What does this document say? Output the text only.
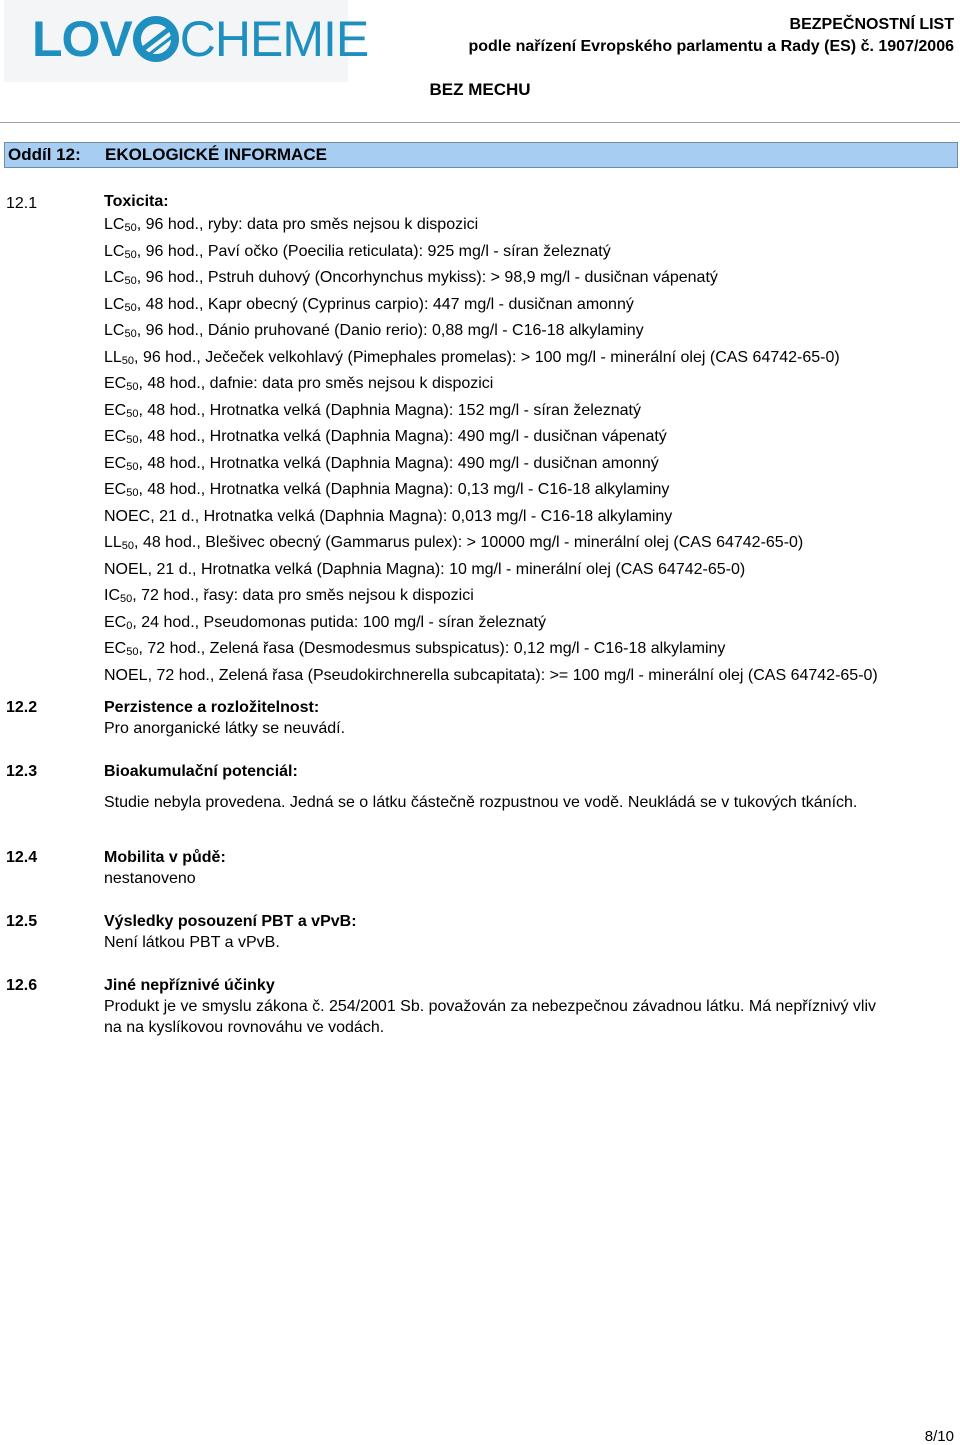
LOV CHEMIE	BEZPEČNOSTNÍ LIST
podle nařízení Evropského parlamentu a Rady (ES) č. 1907/2006
BEZ MECHU
Oddíl 12: EKOLOGICKÉ INFORMACE
12.1	Toxicita:
$LC_{50}$, 96 hod., ryby: data pro směs nejsou k dispozici
$LC_{50}$, 96 hod., Paví očko (Poecilia reticulata): 925 mg/l - síran železnatý
$LC_{50}$, 96 hod., Pstruh duhový (Oncorhynchus mykiss): > 98,9 mg/l - dusičnan vápenatý
$LC_{50}$, 48 hod., Kapr obecný (Cyprinus carpio): 447 mg/l - dusičnan amonný
$LC_{50}$, 96 hod., Dánio pruhované (Danio rerio): 0,88 mg/l - C16-18 alkylaminy
$LL_{50}$, 96 hod., Ječeček velkohlavý (Pimephales promelas): > 100 mg/l - minerální olej (CAS 64742-65-0)
$EC_{50}$, 48 hod., dafnie: data pro směs nejsou k dispozici
$EC_{50}$, 48 hod., Hrotnatka velká (Daphnia Magna): 152 mg/l - síran železnatý
$EC_{50}$, 48 hod., Hrotnatka velká (Daphnia Magna): 490 mg/l - dusičnan vápenatý
$EC_{50}$, 48 hod., Hrotnatka velká (Daphnia Magna): 490 mg/l - dusičnan amonný
$EC_{50}$, 48 hod., Hrotnatka velká (Daphnia Magna): 0,13 mg/l - C16-18 alkylaminy
NOEC, 21 d., Hrotnatka velká (Daphnia Magna): 0,013 mg/l - C16-18 alkylaminy
$LL_{50}$, 48 hod., Blešivec obecný (Gammarus pulex): > 10000 mg/l - minerální olej (CAS 64742-65-0)
NOEL, 21 d., Hrotnatka velká (Daphnia Magna): 10 mg/l - minerální olej (CAS 64742-65-0)
$IC_{50}$, 72 hod., řasy: data pro směs nejsou k dispozici
$EC_0$, 24 hod., Pseudomonas putida: 100 mg/l - síran železnatý
$EC_{50}$, 72 hod., Zelená řasa (Desmodesmus subspicatus): 0,12 mg/l - C16-18 alkylaminy
NOEL, 72 hod., Zelená řasa (Pseudokirchnerella subcapitata): >= 100 mg/l - minerální olej (CAS 64742-65-0)
12.2	Perzistence a rozložitelnost:
Pro anorganické látky se neuvádí.
12.3	Bioakumulační potenciál:
Studie nebyla provedena. Jedná se o látku částečně rozpustnou ve vodě. Neukládá se v tukových tkáních.
12.4	Mobilita v půdě:
nestanoveno
12.5	Výsledky posouzení PBT a vPvB:
Není látkou PBT a vPvB.
12.6	Jiné nepříznivé účinky
Produkt je ve smyslu zákona č. 254/2001 Sb. považován za nebezpečnou závadnou látku. Má nepříznivý vliv
na na kyslíkovou rovnováhu ve vodách.
8/10
